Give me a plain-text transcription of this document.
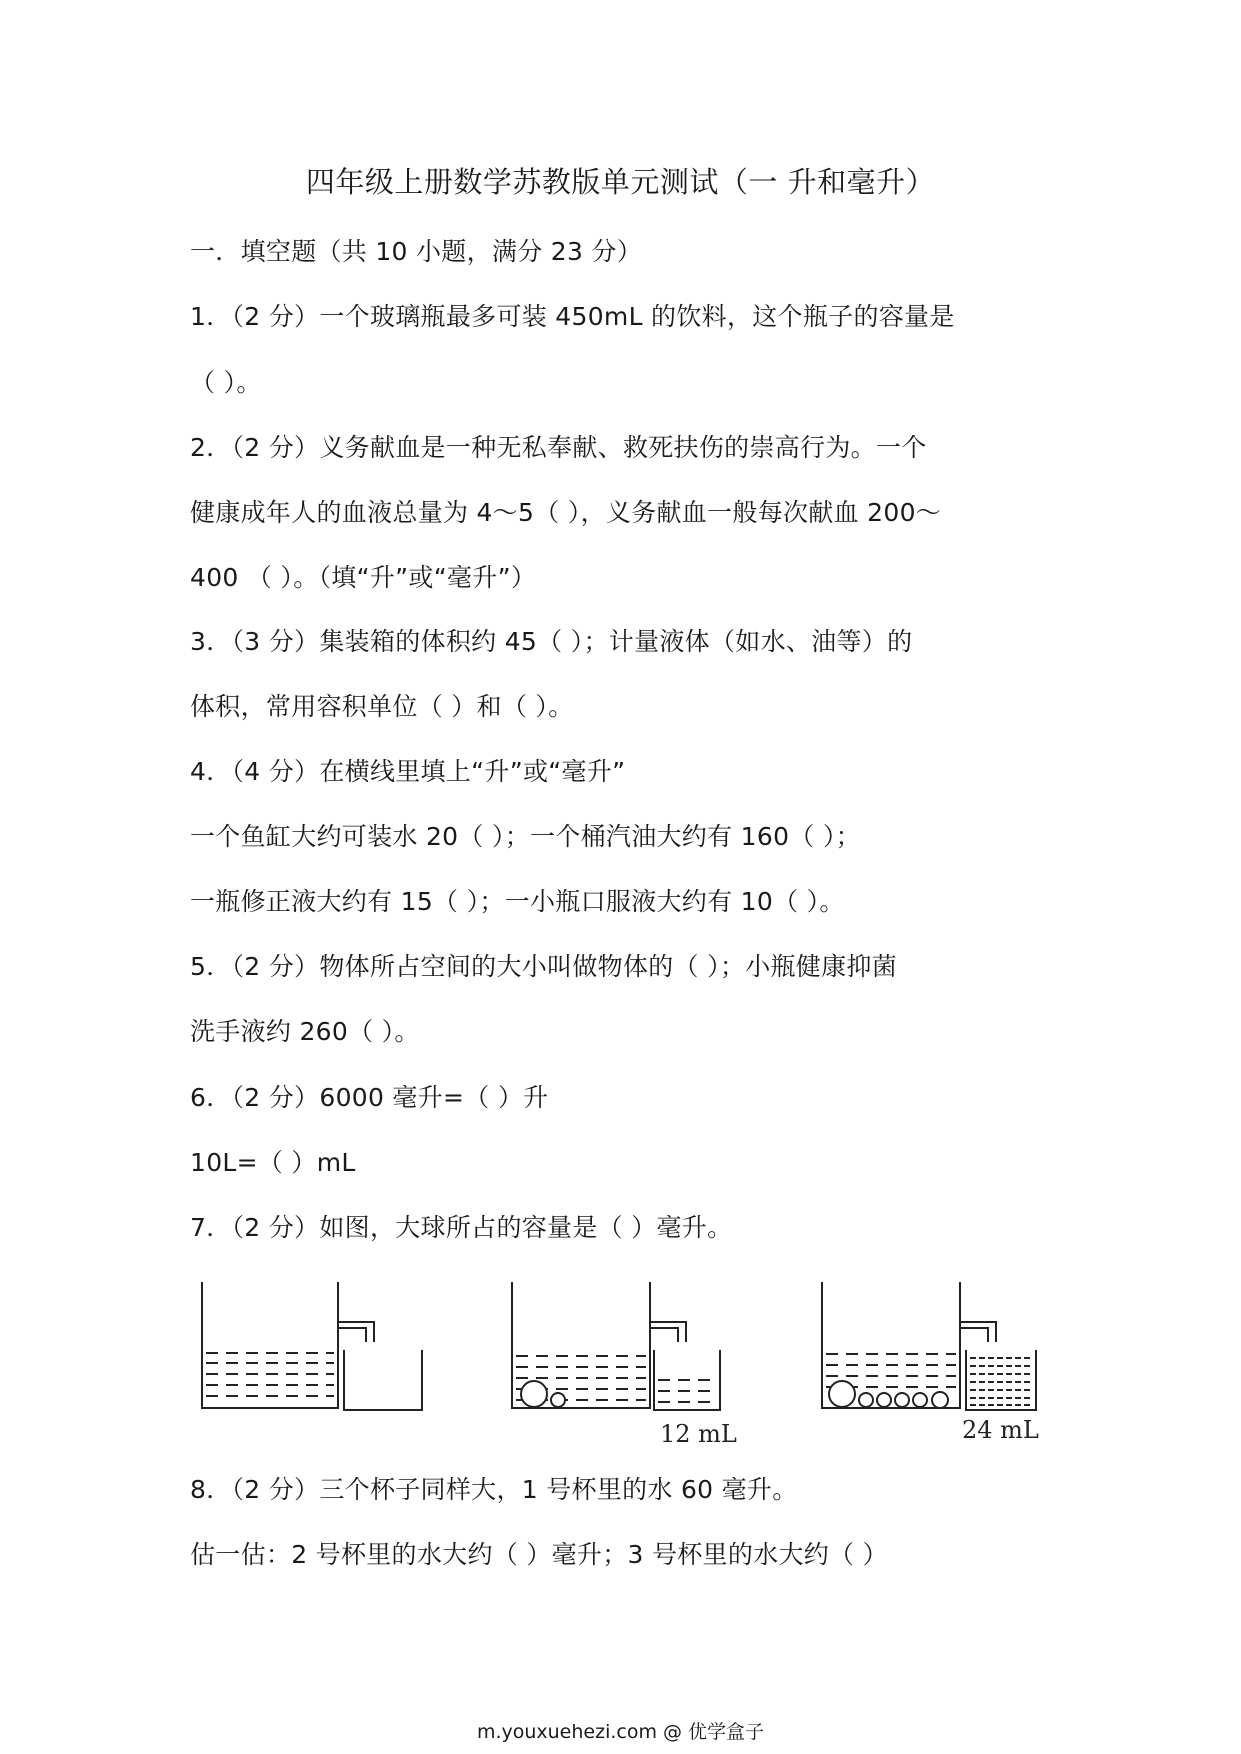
四年级上册数学苏教版单元测试（一 升和毫升）
一．填空题（共 10 小题，满分 23 分）
1．（2 分）一个玻璃瓶最多可装 450mL 的饮料，这个瓶子的容量是
（ ）。
2．（2 分）义务献血是一种无私奉献、救死扶伤的崇高行为。一个
健康成年人的血液总量为 4～5（ ），义务献血一般每次献血 200～
400 （ ）。（填“升”或“毫升”）
3．（3 分）集装箱的体积约 45（ ）；计量液体（如水、油等）的
体积，常用容积单位（ ）和（ ）。
4．（4 分）在横线里填上“升”或“毫升”
一个鱼缸大约可装水 20（ ）；一个桶汽油大约有 160（ ）；
一瓶修正液大约有 15（ ）；一小瓶口服液大约有 10（ ）。
5．（2 分）物体所占空间的大小叫做物体的（ ）；小瓶健康抑菌
洗手液约 260（ ）。
6．（2 分）6000 毫升=（ ）升
10L=（ ）mL
7．（2 分）如图，大球所占的容量是（ ）毫升。
12 mL	24 mL
8．（2 分）三个杯子同样大，1 号杯里的水 60 毫升。
估一估：2 号杯里的水大约（ ）毫升；3 号杯里的水大约（ ）
m.youxuehezi.com @ 优学盒子
